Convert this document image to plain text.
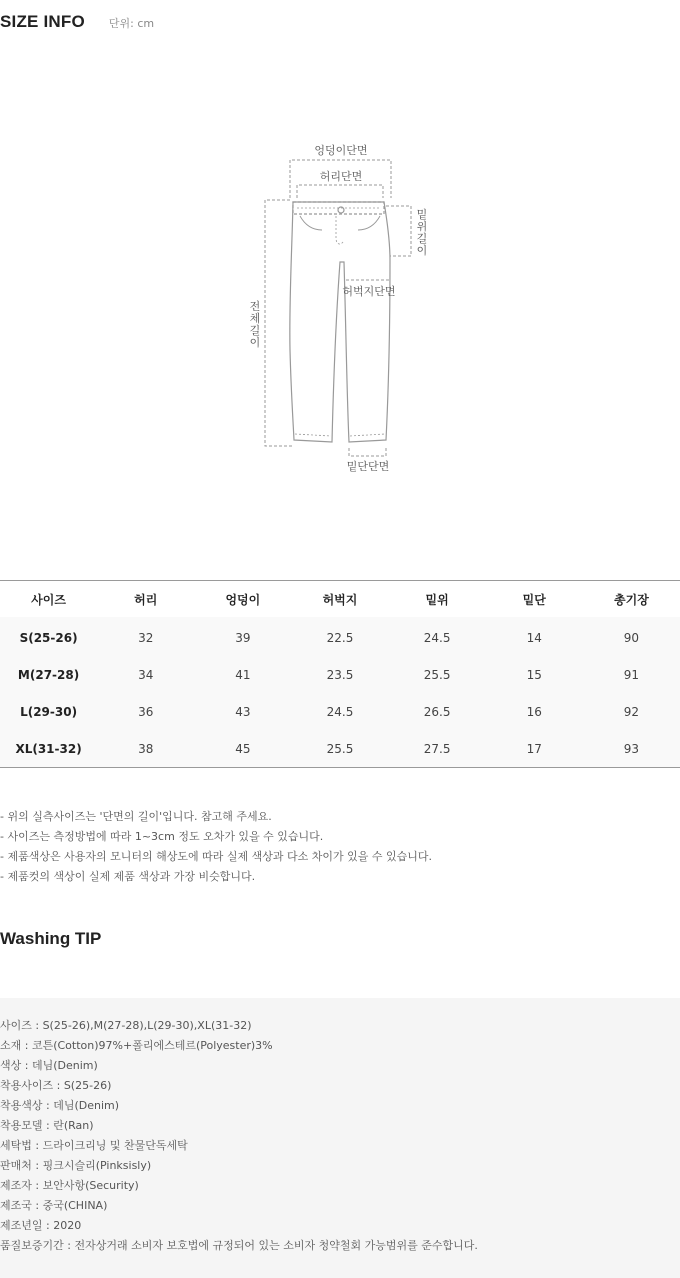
SIZE INFO 단위: cm
엉덩이단면
허리단면
허벅지단면
밑단단면
밑 위 길 이
전 체 길 이
사이즈	허리	엉덩이	허벅지	밑위	밑단	총기장
S(25-26)	32	39	22.5	24.5	14	90
M(27-28)	34	41	23.5	25.5	15	91
L(29-30)	36	43	24.5	26.5	16	92
XL(31-32)	38	45	25.5	27.5	17	93
- 위의 실측사이즈는 '단면의 길이'입니다. 참고해 주세요.
- 사이즈는 측정방법에 따라 1~3cm 정도 오차가 있을 수 있습니다.
- 제품색상은 사용자의 모니터의 해상도에 따라 실제 색상과 다소 차이가 있을 수 있습니다.
- 제품컷의 색상이 실제 제품 색상과 가장 비슷합니다.
Washing TIP
사이즈 : S(25-26),M(27-28),L(29-30),XL(31-32)
소재 : 코튼(Cotton)97%+폴리에스테르(Polyester)3%
색상 : 데님(Denim)
착용사이즈 : S(25-26)
착용색상 : 데님(Denim)
착용모델 : 란(Ran)
세탁법 : 드라이크리닝 및 찬물단독세탁
판매처 : 핑크시슬리(Pinksisly)
제조자 : 보안사항(Security)
제조국 : 중국(CHINA)
제조년일 : 2020
품질보증기간 : 전자상거래 소비자 보호법에 규정되어 있는 소비자 청약철회 가능범위를 준수합니다.
